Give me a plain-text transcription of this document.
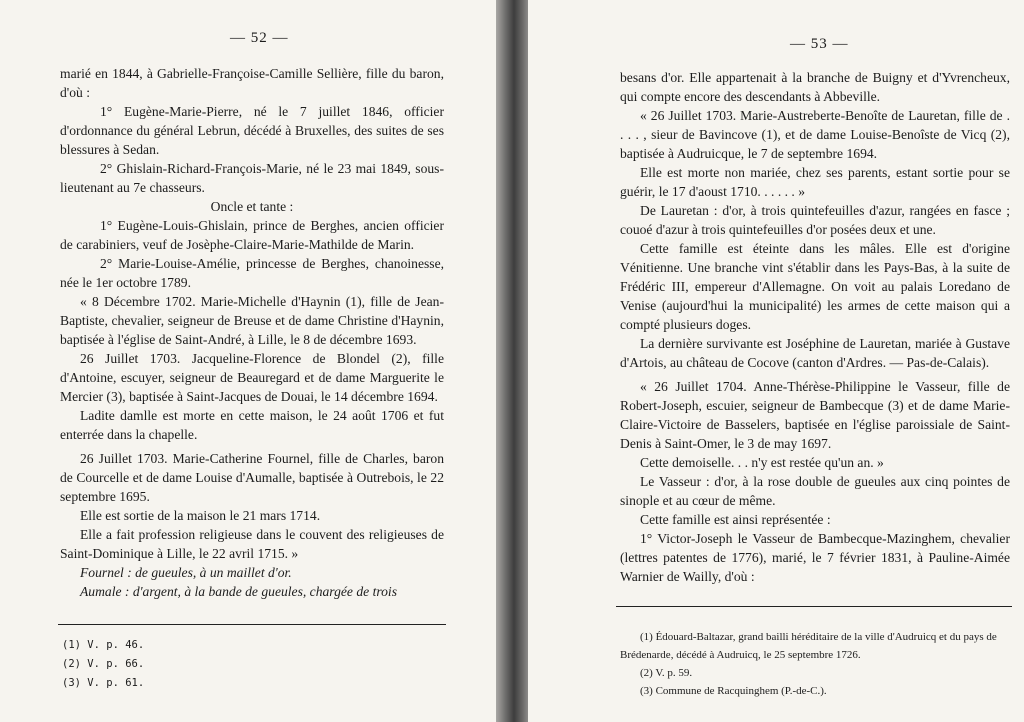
— 52 —

marié en 1844, à Gabrielle-Françoise-Camille Sellière, fille du baron, d'où :

1° Eugène-Marie-Pierre, né le 7 juillet 1846, officier d'ordonnance du général Lebrun, décédé à Bruxelles, des suites de ses blessures à Sedan.

2° Ghislain-Richard-François-Marie, né le 23 mai 1849, sous-lieutenant au 7e chasseurs.

Oncle et tante :

1° Eugène-Louis-Ghislain, prince de Berghes, ancien officier de carabiniers, veuf de Josèphe-Claire-Marie-Mathilde de Marin.

2° Marie-Louise-Amélie, princesse de Berghes, chanoinesse, née le 1er octobre 1789.

« 8 Décembre 1702. Marie-Michelle d'Haynin (1), fille de Jean-Baptiste, chevalier, seigneur de Breuse et de dame Christine d'Haynin, baptisée à l'église de Saint-André, à Lille, le 8 de décembre 1693.

26 Juillet 1703. Jacqueline-Florence de Blondel (2), fille d'Antoine, escuyer, seigneur de Beauregard et de dame Marguerite le Mercier (3), baptisée à Saint-Jacques de Douai, le 14 décembre 1694.

Ladite damlle est morte en cette maison, le 24 août 1706 et fut enterrée dans la chapelle.

26 Juillet 1703. Marie-Catherine Fournel, fille de Charles, baron de Courcelle et de dame Louise d'Aumalle, baptisée à Outrebois, le 22 septembre 1695.

Elle est sortie de la maison le 21 mars 1714.

Elle a fait profession religieuse dans le couvent des religieuses de Saint-Dominique à Lille, le 22 avril 1715. »

Fournel : de gueules, à un maillet d'or.

Aumale : d'argent, à la bande de gueules, chargée de trois

(1) V. p. 46.

(2) V. p. 66.

(3) V. p. 61.

— 53 —

besans d'or. Elle appartenait à la branche de Buigny et d'Yvrencheux, qui compte encore des descendants à Abbeville.

« 26 Juillet 1703. Marie-Austreberte-Benoîte de Lauretan, fille de . . . . , sieur de Bavincove (1), et de dame Louise-Benoîste de Vicq (2), baptisée à Audruicque, le 7 de septembre 1694.

Elle est morte non mariée, chez ses parents, estant sortie pour se guérir, le 17 d'aoust 1710. . . . . . »

De Lauretan : d'or, à trois quintefeuilles d'azur, rangées en fasce ; couoé d'azur à trois quintefeuilles d'or posées deux et une.

Cette famille est éteinte dans les mâles. Elle est d'origine Vénitienne. Une branche vint s'établir dans les Pays-Bas, à la suite de Frédéric III, empereur d'Allemagne. On voit au palais Loredano de Venise (aujourd'hui la municipalité) les armes de cette maison qui a compté plusieurs doges.

La dernière survivante est Joséphine de Lauretan, mariée à Gustave d'Artois, au château de Cocove (canton d'Ardres. — Pas-de-Calais).

« 26 Juillet 1704. Anne-Thérèse-Philippine le Vasseur, fille de Robert-Joseph, escuier, seigneur de Bambecque (3) et de dame Marie-Claire-Victoire de Basselers, baptisée en l'église paroissiale de Saint-Denis à Saint-Omer, le 3 de may 1697.

Cette demoiselle. . . n'y est restée qu'un an. »

Le Vasseur : d'or, à la rose double de gueules aux cinq pointes de sinople et au cœur de même.

Cette famille est ainsi représentée :

1° Victor-Joseph le Vasseur de Bambecque-Mazinghem, chevalier (lettres patentes de 1776), marié, le 7 février 1831, à Pauline-Aimée Warnier de Wailly, d'où :

(1) Édouard-Baltazar, grand bailli héréditaire de la ville d'Audruicq et du pays de Brédenarde, décédé à Audruicq, le 25 septembre 1726.

(2) V. p. 59.

(3) Commune de Racquinghem (P.-de-C.).
